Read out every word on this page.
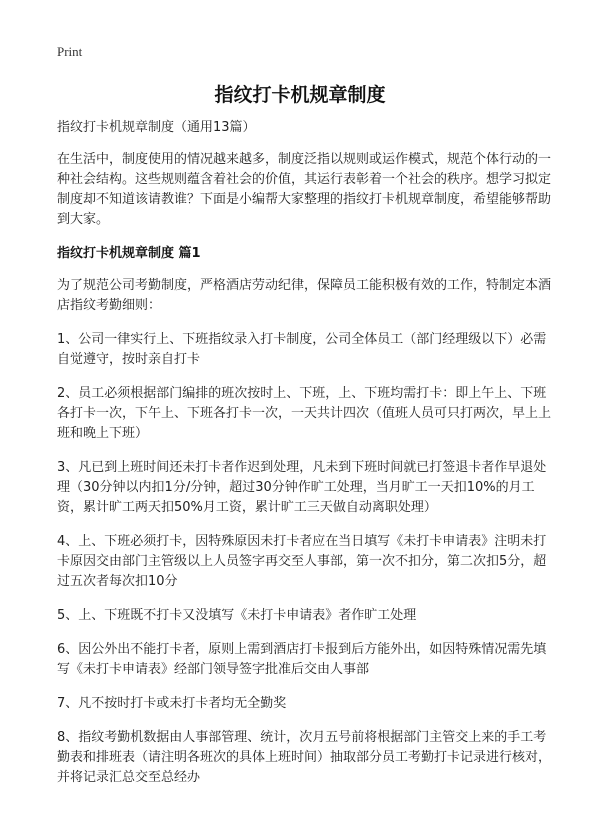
Print
指纹打卡机规章制度

指纹打卡机规章制度（通用13篇）

在生活中，制度使用的情况越来越多，制度泛指以规则或运作模式，规范个体行动的一种社会结构。这些规则蕴含着社会的价值，其运行表彰着一个社会的秩序。想学习拟定制度却不知道该请教谁？下面是小编帮大家整理的指纹打卡机规章制度，希望能够帮助到大家。

指纹打卡机规章制度 篇1

为了规范公司考勤制度，严格酒店劳动纪律，保障员工能积极有效的工作，特制定本酒店指纹考勤细则：

1、公司一律实行上、下班指纹录入打卡制度，公司全体员工（部门经理级以下）必需自觉遵守，按时亲自打卡

2、员工必须根据部门编排的班次按时上、下班，上、下班均需打卡：即上午上、下班各打卡一次，下午上、下班各打卡一次，一天共计四次（值班人员可只打两次，早上上班和晚上下班）

3、凡已到上班时间还未打卡者作迟到处理，凡未到下班时间就已打签退卡者作早退处理（30分钟以内扣1分/分钟，超过30分钟作旷工处理，当月旷工一天扣10%的月工资，累计旷工两天扣50%月工资，累计旷工三天做自动离职处理）

4、上、下班必须打卡，因特殊原因未打卡者应在当日填写《未打卡申请表》注明未打卡原因交由部门主管级以上人员签字再交至人事部，第一次不扣分，第二次扣5分，超过五次者每次扣10分

5、上、下班既不打卡又没填写《未打卡申请表》者作旷工处理

6、因公外出不能打卡者，原则上需到酒店打卡报到后方能外出，如因特殊情况需先填写《未打卡申请表》经部门领导签字批准后交由人事部

7、凡不按时打卡或未打卡者均无全勤奖

8、指纹考勤机数据由人事部管理、统计，次月五号前将根据部门主管交上来的手工考勤表和排班表（请注明各班次的具体上班时间）抽取部分员工考勤打卡记录进行核对，并将记录汇总交至总经办
